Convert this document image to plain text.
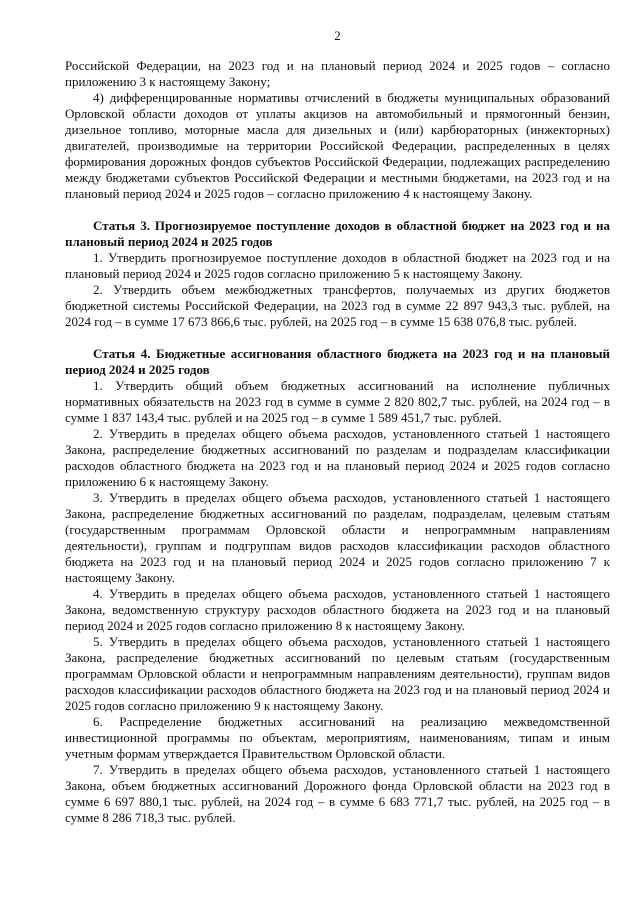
2

Российской Федерации, на 2023 год и на плановый период 2024 и 2025 годов – согласно приложению 3 к настоящему Закону;

4) дифференцированные нормативы отчислений в бюджеты муниципальных образований Орловской области доходов от уплаты акцизов на автомобильный и прямогонный бензин, дизельное топливо, моторные масла для дизельных и (или) карбюраторных (инжекторных) двигателей, производимые на территории Российской Федерации, распределенных в целях формирования дорожных фондов субъектов Российской Федерации, подлежащих распределению между бюджетами субъектов Российской Федерации и местными бюджетами, на 2023 год и на плановый период 2024 и 2025 годов – согласно приложению 4 к настоящему Закону.

Статья 3. Прогнозируемое поступление доходов в областной бюджет на 2023 год и на плановый период 2024 и 2025 годов

1. Утвердить прогнозируемое поступление доходов в областной бюджет на 2023 год и на плановый период 2024 и 2025 годов согласно приложению 5 к настоящему Закону.

2. Утвердить объем межбюджетных трансфертов, получаемых из других бюджетов бюджетной системы Российской Федерации, на 2023 год в сумме 22 897 943,3 тыс. рублей, на 2024 год – в сумме 17 673 866,6 тыс. рублей, на 2025 год – в сумме 15 638 076,8 тыс. рублей.

Статья 4. Бюджетные ассигнования областного бюджета на 2023 год и на плановый период 2024 и 2025 годов

1. Утвердить общий объем бюджетных ассигнований на исполнение публичных нормативных обязательств на 2023 год в сумме в сумме 2 820 802,7 тыс. рублей, на 2024 год – в сумме 1 837 143,4 тыс. рублей и на 2025 год – в сумме 1 589 451,7 тыс. рублей.

2. Утвердить в пределах общего объема расходов, установленного статьей 1 настоящего Закона, распределение бюджетных ассигнований по разделам и подразделам классификации расходов областного бюджета на 2023 год и на плановый период 2024 и 2025 годов согласно приложению 6 к настоящему Закону.

3. Утвердить в пределах общего объема расходов, установленного статьей 1 настоящего Закона, распределение бюджетных ассигнований по разделам, подразделам, целевым статьям (государственным программам Орловской области и непрограммным направлениям деятельности), группам и подгруппам видов расходов классификации расходов областного бюджета на 2023 год и на плановый период 2024 и 2025 годов согласно приложению 7 к настоящему Закону.

4. Утвердить в пределах общего объема расходов, установленного статьей 1 настоящего Закона, ведомственную структуру расходов областного бюджета на 2023 год и на плановый период 2024 и 2025 годов согласно приложению 8 к настоящему Закону.

5. Утвердить в пределах общего объема расходов, установленного статьей 1 настоящего Закона, распределение бюджетных ассигнований по целевым статьям (государственным программам Орловской области и непрограммным направлениям деятельности), группам видов расходов классификации расходов областного бюджета на 2023 год и на плановый период 2024 и 2025 годов согласно приложению 9 к настоящему Закону.

6. Распределение бюджетных ассигнований на реализацию межведомственной инвестиционной программы по объектам, мероприятиям, наименованиям, типам и иным учетным формам утверждается Правительством Орловской области.

7. Утвердить в пределах общего объема расходов, установленного статьей 1 настоящего Закона, объем бюджетных ассигнований Дорожного фонда Орловской области на 2023 год в сумме 6 697 880,1 тыс. рублей, на 2024 год – в сумме 6 683 771,7 тыс. рублей, на 2025 год – в сумме 8 286 718,3 тыс. рублей.
